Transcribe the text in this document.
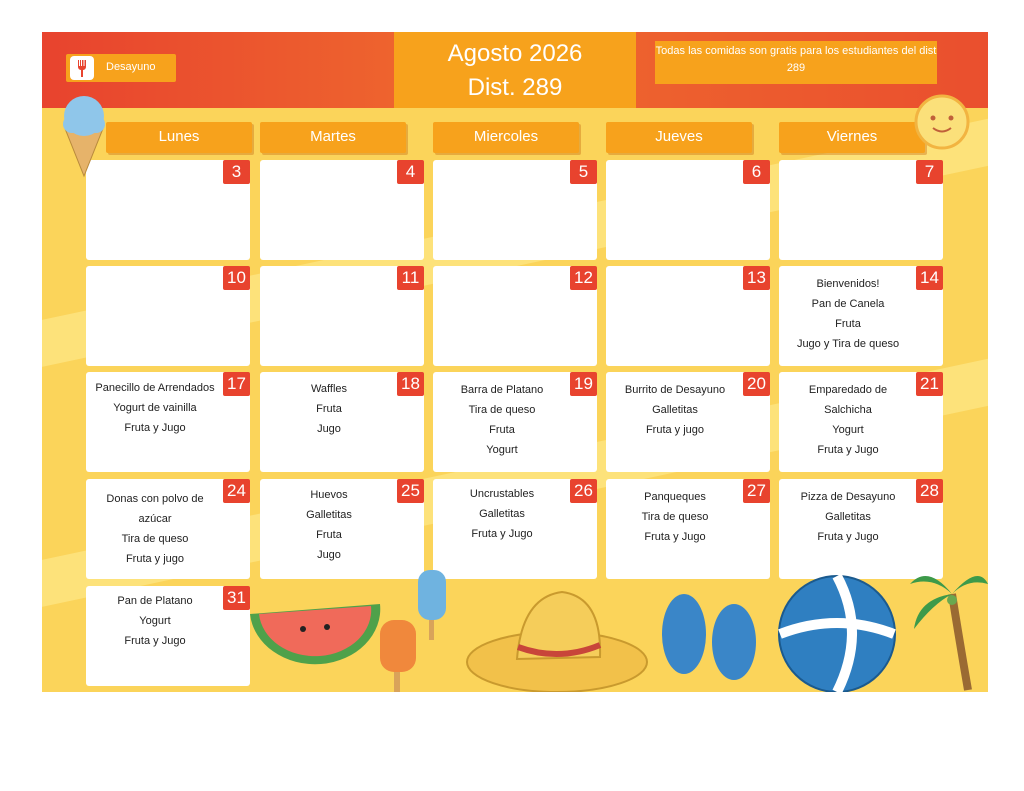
Desayuno	Agosto 2026
Dist. 289
Todas las comidas son gratis para los estudiantes del dist 289
Lunes	Martes	Miercoles	Jueves	Viernes
3	4	5	6	7
10	11	12	13	14
Bienvenidos!
Pan de Canela
Fruta
Jugo y Tira de queso
17
Panecillo de Arrendados
Yogurt de vainilla
Fruta y Jugo
18
Waffles
Fruta
Jugo
19
Barra de Platano
Tira de queso
Fruta
Yogurt
20
Burrito de Desayuno
Galletitas
Fruta y jugo
21
Emparedado de
Salchicha
Yogurt
Fruta y Jugo
24
Donas con polvo de
azúcar
Tira de queso
Fruta y jugo
25
Huevos
Galletitas
Fruta
Jugo
26
Uncrustables
Galletitas
Fruta y Jugo
27
Panqueques
Tira de queso
Fruta y Jugo
28
Pizza de Desayuno
Galletitas
Fruta y Jugo
31
Pan de Platano
Yogurt
Fruta y Jugo
